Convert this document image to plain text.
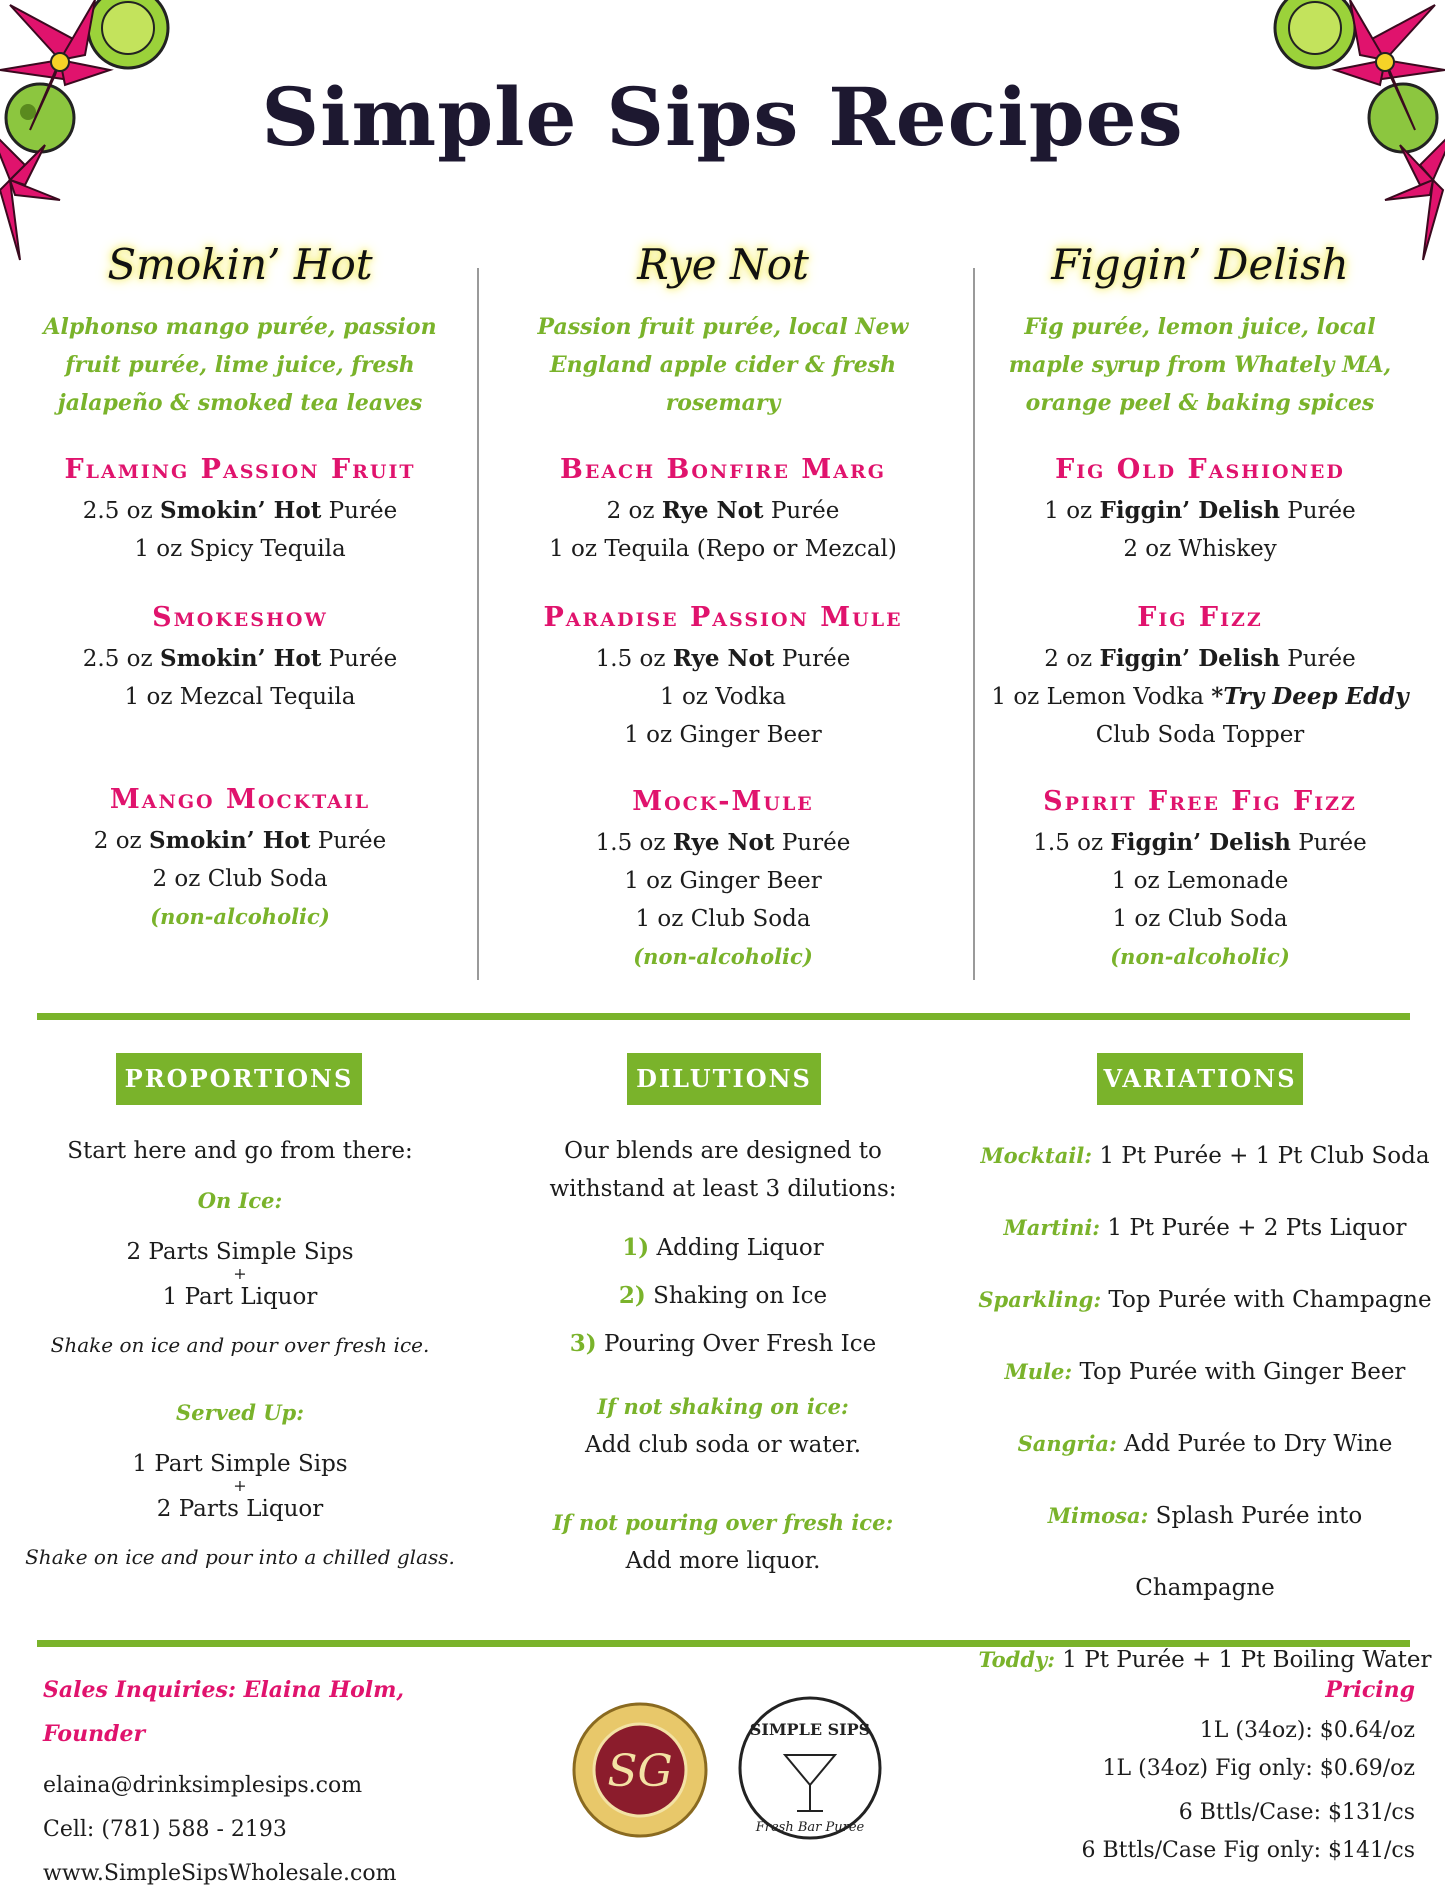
Simple Sips Recipes
Smokin’ Hot
Alphonso mango purée, passion
fruit purée, lime juice, fresh
jalapeño & smoked tea leaves
Flaming Passion Fruit
2.5 oz Smokin’ Hot Purée
1 oz Spicy Tequila
Smokeshow
2.5 oz Smokin’ Hot Purée
1 oz Mezcal Tequila
Mango Mocktail
2 oz Smokin’ Hot Purée
2 oz Club Soda
(non-alcoholic)
Rye Not
Passion fruit purée, local New
England apple cider & fresh
rosemary
Beach Bonfire Marg
2 oz Rye Not Purée
1 oz Tequila (Repo or Mezcal)
Paradise Passion Mule
1.5 oz Rye Not Purée
1 oz Vodka
1 oz Ginger Beer
Mock-Mule
1.5 oz Rye Not Purée
1 oz Ginger Beer
1 oz Club Soda
(non-alcoholic)
Figgin’ Delish
Fig purée, lemon juice, local
maple syrup from Whately MA,
orange peel & baking spices
Fig Old Fashioned
1 oz Figgin’ Delish Purée
2 oz Whiskey
Fig Fizz
2 oz Figgin’ Delish Purée
1 oz Lemon Vodka *Try Deep Eddy
Club Soda Topper
Spirit Free Fig Fizz
1.5 oz Figgin’ Delish Purée
1 oz Lemonade
1 oz Club Soda
(non-alcoholic)
PROPORTIONS
Start here and go from there:
On Ice:
2 Parts Simple Sips
+
1 Part Liquor
Shake on ice and pour over fresh ice.
Served Up:
1 Part Simple Sips
+
2 Parts Liquor
Shake on ice and pour into a chilled glass.
DILUTIONS
Our blends are designed to
withstand at least 3 dilutions:
1) Adding Liquor
2) Shaking on Ice
3) Pouring Over Fresh Ice
If not shaking on ice:
Add club soda or water.
If not pouring over fresh ice:
Add more liquor.
VARIATIONS
Mocktail: 1 Pt Purée + 1 Pt Club Soda
Martini: 1 Pt Purée + 2 Pts Liquor
Sparkling: Top Purée with Champagne
Mule: Top Purée with Ginger Beer
Sangria: Add Purée to Dry Wine
Mimosa: Splash Purée into Champagne
Toddy: 1 Pt Purée + 1 Pt Boiling Water
Sales Inquiries: Elaina Holm, Founder
elaina@drinksimplesips.com
Cell: (781) 588 - 2193
www.SimpleSipsWholesale.com
SG
SIMPLE SIPS
Fresh Bar Purée
Pricing
1L (34oz): $0.64/oz
1L (34oz) Fig only: $0.69/oz
6 Bttls/Case: $131/cs
6 Bttls/Case Fig only: $141/cs
